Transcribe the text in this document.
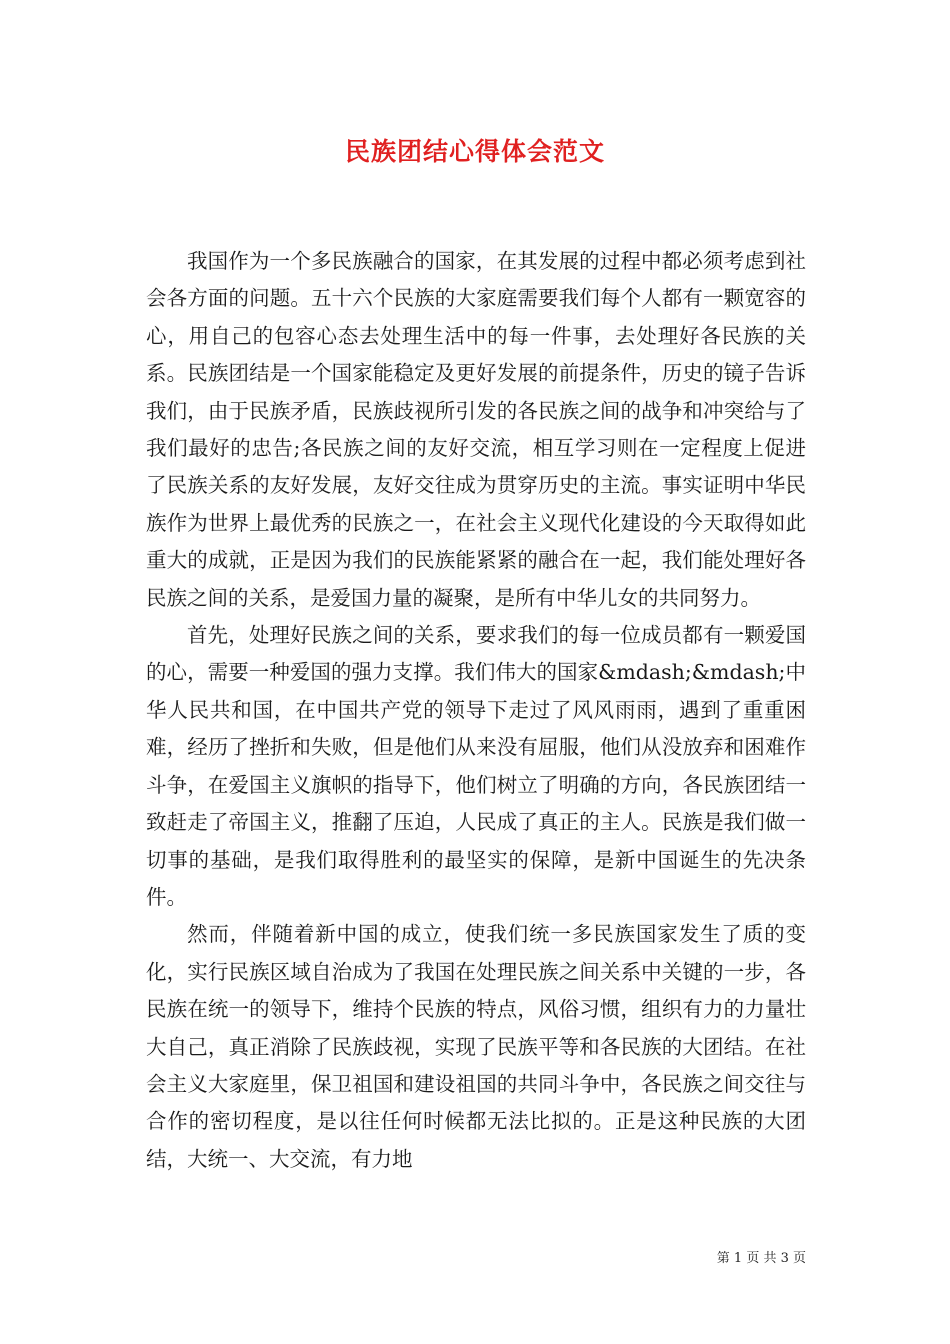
民族团结心得体会范文

我国作为一个多民族融合的国家，在其发展的过程中都必须考虑到社会各方面的问题。五十六个民族的大家庭需要我们每个人都有一颗宽容的心，用自己的包容心态去处理生活中的每一件事，去处理好各民族的关系。民族团结是一个国家能稳定及更好发展的前提条件，历史的镜子告诉我们，由于民族矛盾，民族歧视所引发的各民族之间的战争和冲突给与了我们最好的忠告;各民族之间的友好交流，相互学习则在一定程度上促进了民族关系的友好发展，友好交往成为贯穿历史的主流。事实证明中华民族作为世界上最优秀的民族之一，在社会主义现代化建设的今天取得如此重大的成就，正是因为我们的民族能紧紧的融合在一起，我们能处理好各民族之间的关系，是爱国力量的凝聚，是所有中华儿女的共同努力。

首先，处理好民族之间的关系，要求我们的每一位成员都有一颗爱国的心，需要一种爱国的强力支撑。我们伟大的国家&mdash;&mdash;中华人民共和国，在中国共产党的领导下走过了风风雨雨，遇到了重重困难，经历了挫折和失败，但是他们从来没有屈服，他们从没放弃和困难作斗争，在爱国主义旗帜的指导下，他们树立了明确的方向，各民族团结一致赶走了帝国主义，推翻了压迫，人民成了真正的主人。民族是我们做一切事的基础，是我们取得胜利的最坚实的保障，是新中国诞生的先决条件。

然而，伴随着新中国的成立，使我们统一多民族国家发生了质的变化，实行民族区域自治成为了我国在处理民族之间关系中关键的一步，各民族在统一的领导下，维持个民族的特点，风俗习惯，组织有力的力量壮大自己，真正消除了民族歧视，实现了民族平等和各民族的大团结。在社会主义大家庭里，保卫祖国和建设祖国的共同斗争中，各民族之间交往与合作的密切程度，是以往任何时候都无法比拟的。正是这种民族的大团结，大统一、大交流，有力地

第 1 页 共 3 页
